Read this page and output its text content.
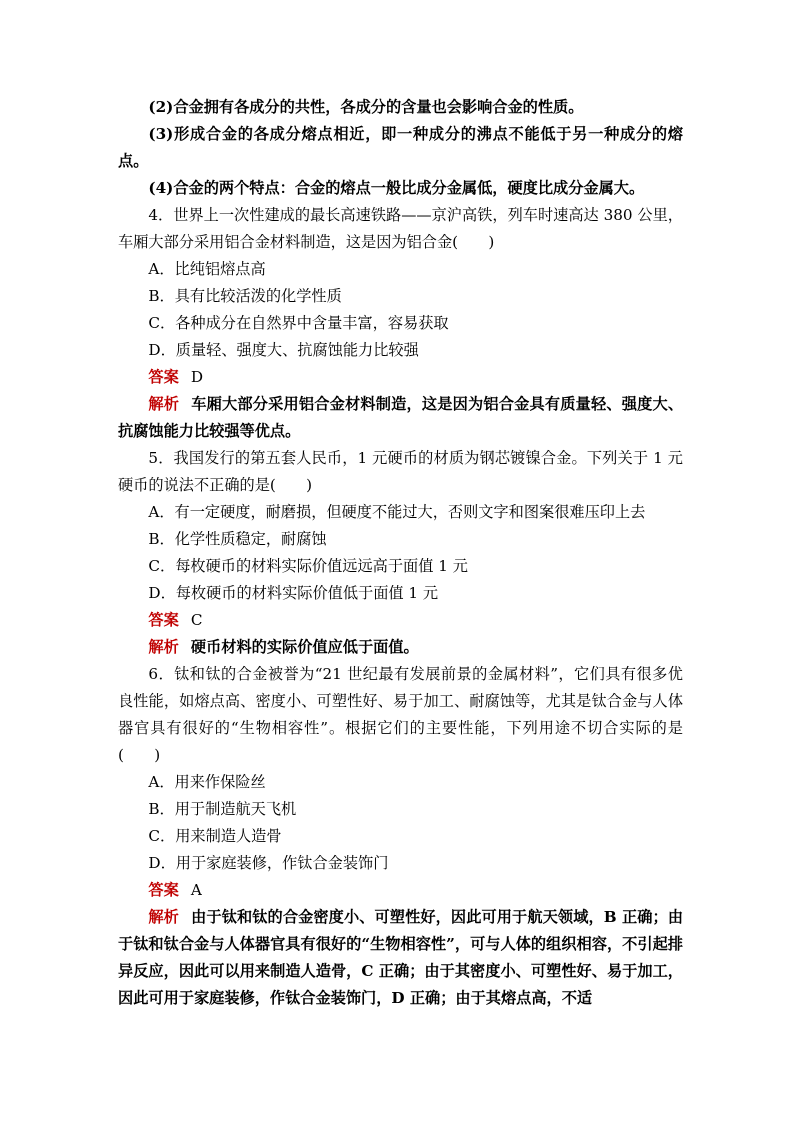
(2)合金拥有各成分的共性，各成分的含量也会影响合金的性质。
(3)形成合金的各成分熔点相近，即一种成分的沸点不能低于另一种成分的熔点。
(4)合金的两个特点：合金的熔点一般比成分金属低，硬度比成分金属大。
4．世界上一次性建成的最长高速铁路——京沪高铁，列车时速高达 380 公里，车厢大部分采用铝合金材料制造，这是因为铝合金(　　)
A．比纯铝熔点高
B．具有比较活泼的化学性质
C．各种成分在自然界中含量丰富，容易获取
D．质量轻、强度大、抗腐蚀能力比较强
答案 D
解析 车厢大部分采用铝合金材料制造，这是因为铝合金具有质量轻、强度大、抗腐蚀能力比较强等优点。
5．我国发行的第五套人民币，1 元硬币的材质为钢芯镀镍合金。下列关于 1 元硬币的说法不正确的是(　　)
A．有一定硬度，耐磨损，但硬度不能过大，否则文字和图案很难压印上去
B．化学性质稳定，耐腐蚀
C．每枚硬币的材料实际价值远远高于面值 1 元
D．每枚硬币的材料实际价值低于面值 1 元
答案 C
解析 硬币材料的实际价值应低于面值。
6．钛和钛的合金被誉为“21 世纪最有发展前景的金属材料”，它们具有很多优良性能，如熔点高、密度小、可塑性好、易于加工、耐腐蚀等，尤其是钛合金与人体器官具有很好的“生物相容性”。根据它们的主要性能，下列用途不切合实际的是(　　)
A．用来作保险丝
B．用于制造航天飞机
C．用来制造人造骨
D．用于家庭装修，作钛合金装饰门
答案 A
解析 由于钛和钛的合金密度小、可塑性好，因此可用于航天领域，B 正确；由于钛和钛合金与人体器官具有很好的“生物相容性”，可与人体的组织相容，不引起排异反应，因此可以用来制造人造骨，C 正确；由于其密度小、可塑性好、易于加工，因此可用于家庭装修，作钛合金装饰门，D 正确；由于其熔点高，不适
